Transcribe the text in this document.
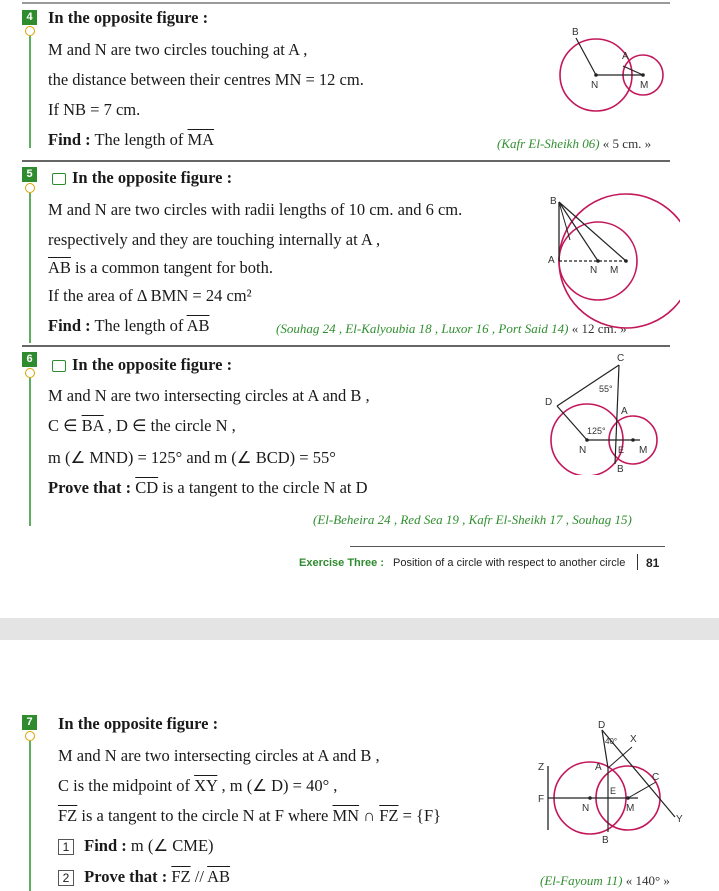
4 In the opposite figure :
M and N are two circles touching at A ,
the distance between their centres MN = 12 cm.
If NB = 7 cm.
Find : The length of $\overline{MA}$	(Kafr El-Sheikh 06) « 5 cm. »
B
A
N	M
5	In the opposite figure :
M and N are two circles with radii lengths of 10 cm. and 6 cm.
respectively and they are touching internally at A ,
$\overline{AB}$ is a common tangent for both.
If the area of Δ BMN = 24 cm²
Find : The length of $\overline{AB}$	(Souhag 24 , El-Kalyoubia 18 , Luxor 16 , Port Said 14) « 12 cm. »
B
A
N M
6	In the opposite figure :
M and N are two intersecting circles at A and B ,
C ∈ $\overline{BA}$ , D ∈ the circle N ,
m (∠ MND) = 125° and m (∠ BCD) = 55°
Prove that : $\overline{CD}$ is a tangent to the circle N at D
(El-Beheira 24 , Red Sea 19 , Kafr El-Sheikh 17 , Souhag 15)
C
55°
D
A
125°
N	E M
B
Exercise Three : Position of a circle with respect to another circle 81
7 In the opposite figure :
M and N are two intersecting circles at A and B ,
C is the midpoint of $\overline{XY}$ , m (∠ D) = 40° ,
$\overline{FZ}$ is a tangent to the circle N at F where $\overline{MN}$ ∩ $\overline{FZ} = \{F\}$
1 Find : m (∠ CME)
2 Prove that : $\overline{FZ} // \overline{AB}$	(El-Fayoum 11) « 140° »
D
40° X
Z	A
C
F
E
N	M
Y
B
